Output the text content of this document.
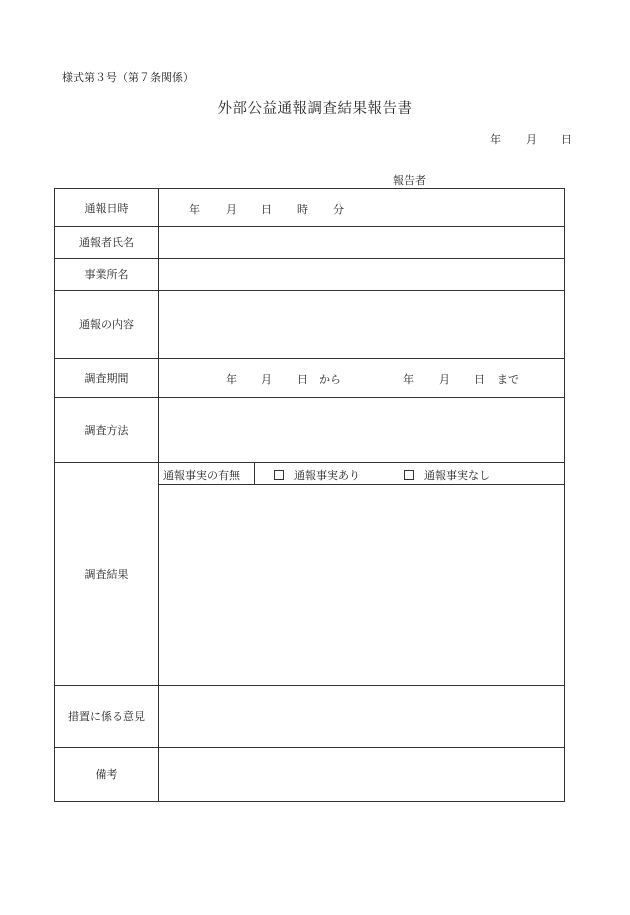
様式第３号（第７条関係）
外部公益通報調査結果報告書
年 月 日
報告者
通報日時	年 月 日 時 分
通報者氏名
事業所名
通報の内容
調査期間	年 月 日 から	年 月 日 まで
調査方法
調査結果
通報事実の有無	通報事実あり	通報事実なし
措置に係る意見
備考
